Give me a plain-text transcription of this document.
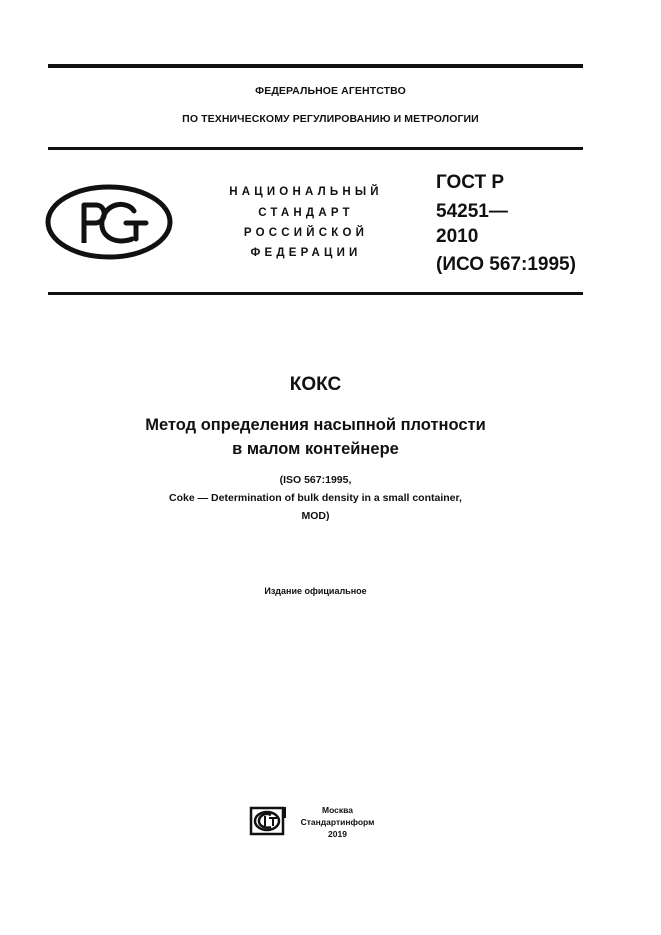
ФЕДЕРАЛЬНОЕ АГЕНТСТВО
ПО ТЕХНИЧЕСКОМУ РЕГУЛИРОВАНИЮ И МЕТРОЛОГИИ
НАЦИОНАЛЬНЫЙ
СТАНДАРТ
РОССИЙСКОЙ
ФЕДЕРАЦИИ
ГОСТ Р
54251—
2010
(ИСО 567:1995)
КОКС
Метод определения насыпной плотности
в малом контейнере
(ISO 567:1995,
Coke — Determination of bulk density in a small container,
MOD)
Издание официальное
Москва
Стандартинформ
2019
